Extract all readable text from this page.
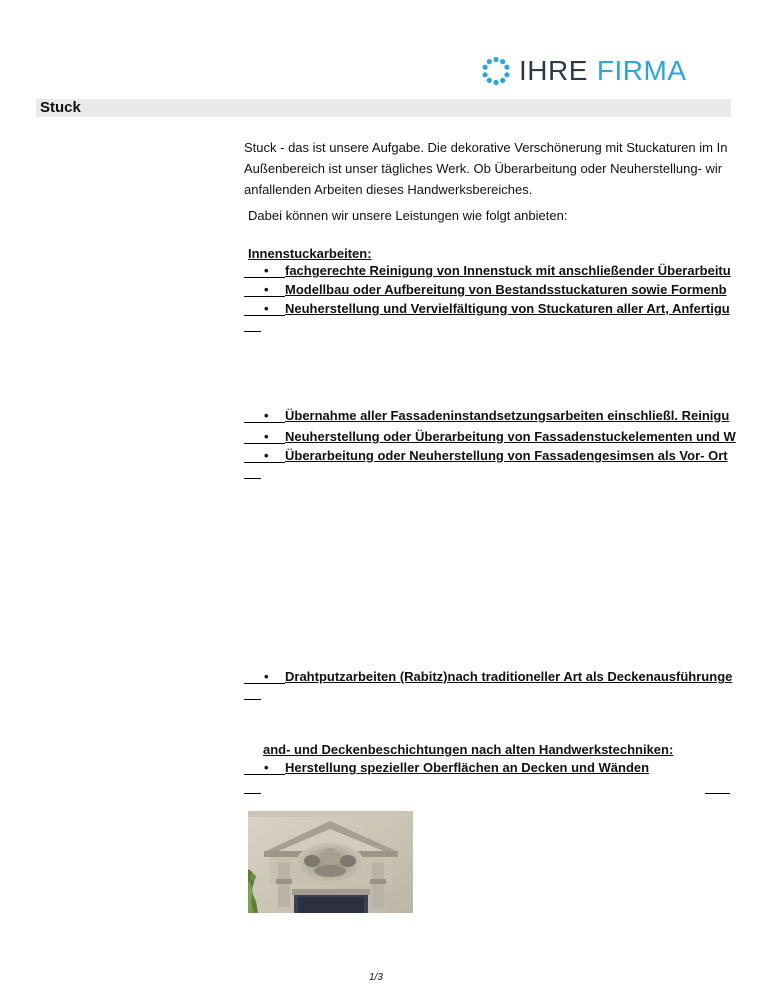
IHRE FIRMA
Stuck
Stuck - das ist unsere Aufgabe. Die dekorative Verschönerung mit Stuckaturen im In
Außenbereich ist unser tägliches Werk. Ob Überarbeitung oder Neuherstellung- wir
anfallenden Arbeiten dieses Handwerksbereiches.
Dabei können wir unsere Leistungen wie folgt anbieten:
Innenstuckarbeiten:
• fachgerechte Reinigung von Innenstuck mit anschließender Überarbeitu
• Modellbau oder Aufbereitung von Bestandsstuckaturen sowie Formenb
• Neuherstellung und Vervielfältigung von Stuckaturen aller Art, Anfertigu
• Übernahme aller Fassadeninstandsetzungsarbeiten einschließl. Reinigu
• Neuherstellung oder Überarbeitung von Fassadenstuckelementen und W
• Überarbeitung oder Neuherstellung von Fassadengesimsen als Vor- Ort
• Drahtputzarbeiten (Rabitz)nach traditioneller Art als Deckenausführunge
and- und Deckenbeschichtungen nach alten Handwerkstechniken:
• Herstellung spezieller Oberflächen an Decken und Wänden
1/3
